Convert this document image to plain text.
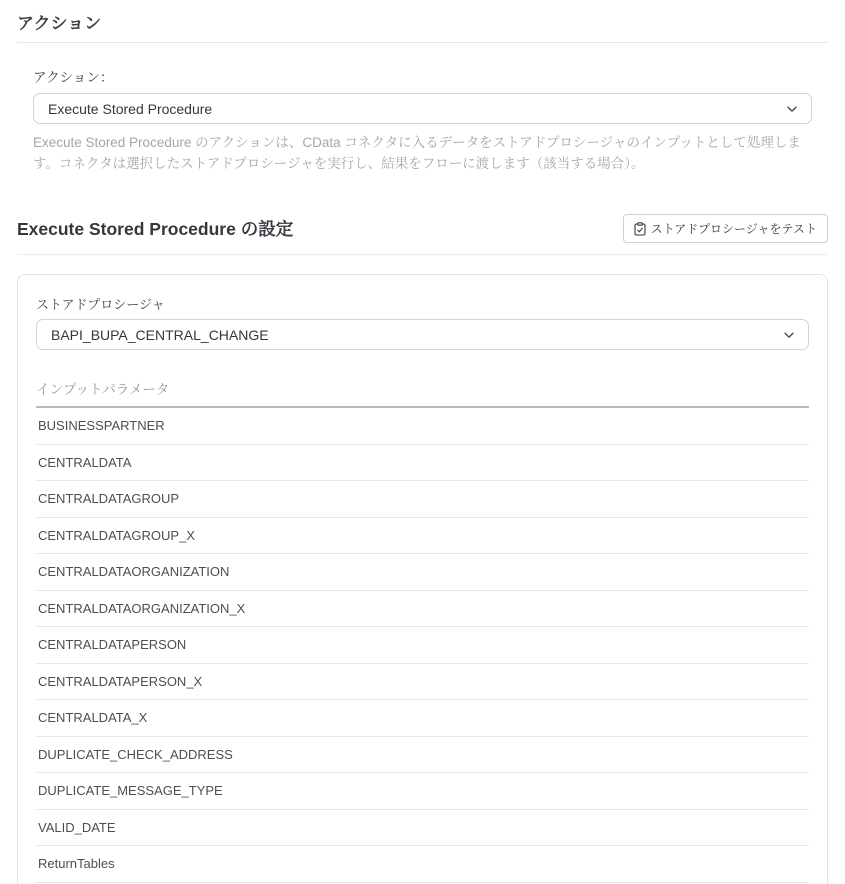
アクション
アクション：
Execute Stored Procedure

Execute Stored Procedure のアクションは、CData コネクタに入るデータをストアドプロシージャのインプットとして処理します。コネクタは選択したストアドプロシージャを実行し、結果をフローに渡します（該当する場合）。

Execute Stored Procedure の設定	ストアドプロシージャをテスト
ストアドプロシージャ
BAPI_BUPA_CENTRAL_CHANGE
インプットパラメータ
BUSINESSPARTNER
CENTRALDATA
CENTRALDATAGROUP
CENTRALDATAGROUP_X
CENTRALDATAORGANIZATION
CENTRALDATAORGANIZATION_X
CENTRALDATAPERSON
CENTRALDATAPERSON_X
CENTRALDATA_X
DUPLICATE_CHECK_ADDRESS
DUPLICATE_MESSAGE_TYPE
VALID_DATE
ReturnTables
